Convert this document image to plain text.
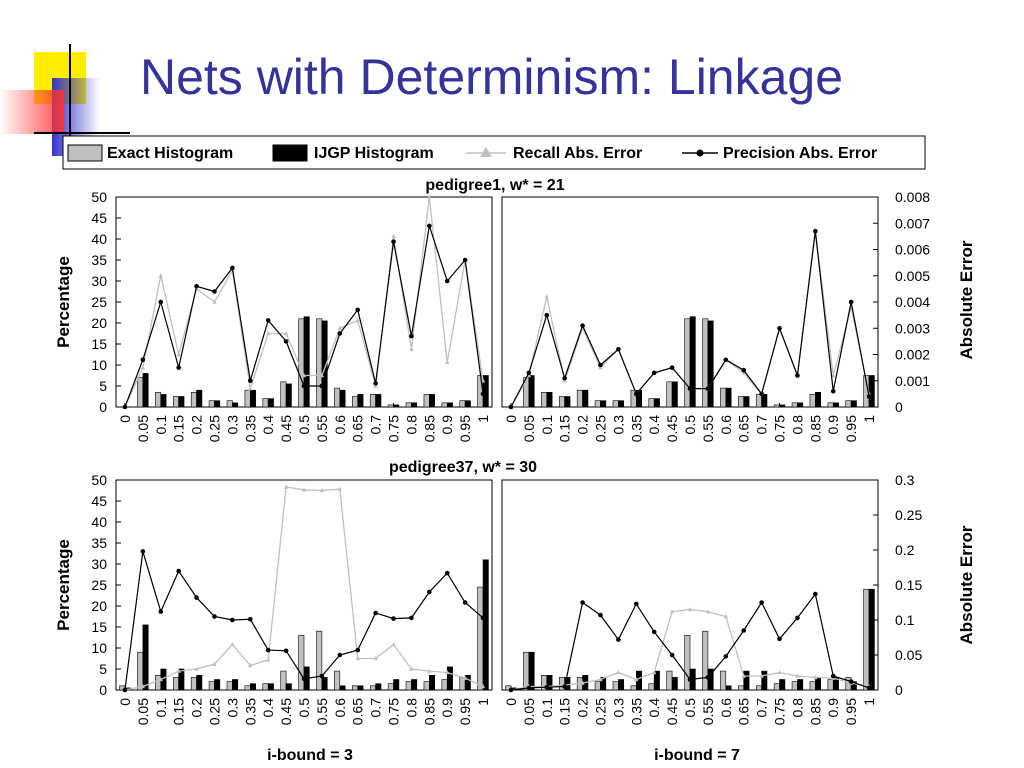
Nets with Determinism: Linkage
Exact Histogram	IJGP Histogram	Recall Abs. Error	Precision Abs. Error
pedigree1, w* = 21
pedigree37, w* = 30
Percentage
Percentage
Absolute Error
Absolute Error
i-bound = 3	i-bound = 7
0
5
10
15
20
25
30
35
40
45
50
0 0.05 0.1 0.15 0.2 0.25 0.3 0.35 0.4 0.45 0.5 0.55 0.6 0.65 0.7 0.75 0.8 0.85 0.9 0.95 1
0
0.001
0.002
0.003
0.004
0.005
0.006
0.007
0.008
0 0.05 0.1 0.15 0.2 0.25 0.3 0.35 0.4 0.45 0.5 0.55 0.6 0.65 0.7 0.75 0.8 0.85 0.9 0.95 1
0
5
10
15
20
25
30
35
40
45
50
0 0.05 0.1 0.15 0.2 0.25 0.3 0.35 0.4 0.45 0.5 0.55 0.6 0.65 0.7 0.75 0.8 0.85 0.9 0.95 1
0
0.05
0.1
0.15
0.2
0.25
0.3
0 0.05 0.1 0.15 0.2 0.25 0.3 0.35 0.4 0.45 0.5 0.55 0.6 0.65 0.7 0.75 0.8 0.85 0.9 0.95 1
